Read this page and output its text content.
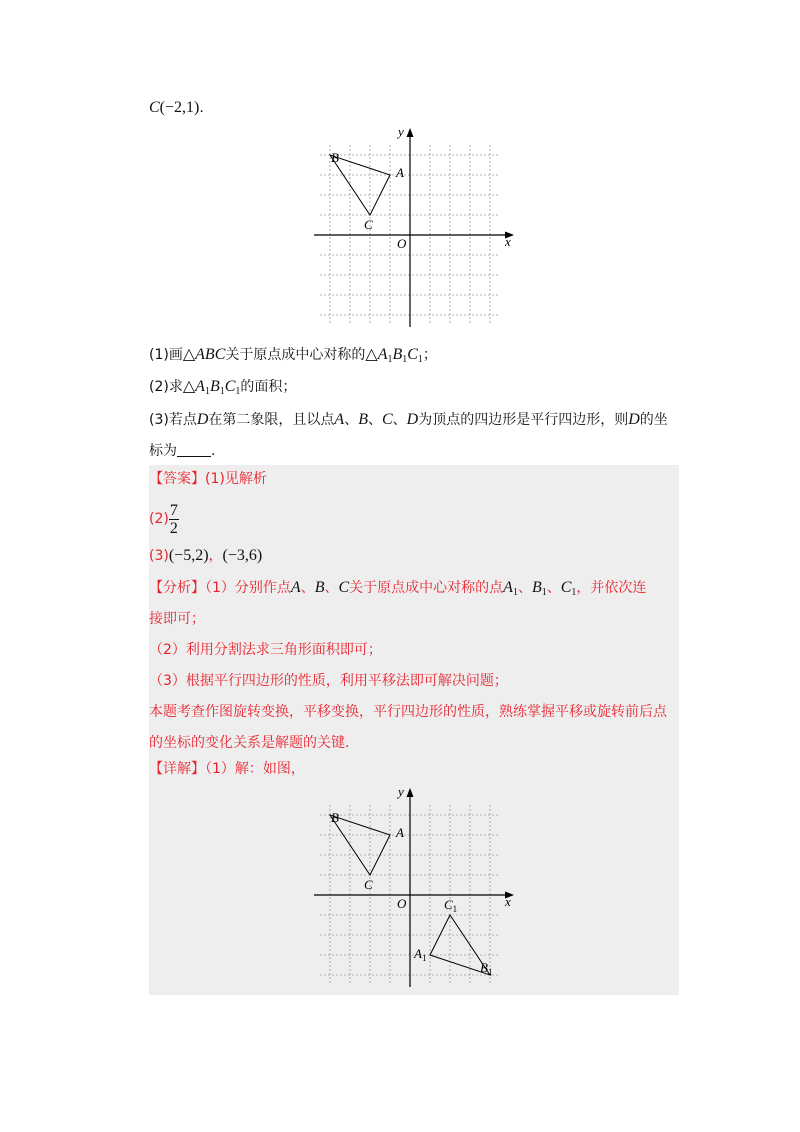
C(−2,1).
y
x
O
A
B
C
(1)画△ABC关于原点成中心对称的$\triangle A_1B_1C_1$；
(2)求$\triangle A_1B_1C_1$的面积；
(3)若点D在第二象限，且以点A、B、C、D为顶点的四边形是平行四边形，则D的坐
标为 .
【答案】(1)见解析
$(2) \frac{7}{2}$
(3)(−5,2)，(−3,6)
【分析】（1）分别作点A、B、C关于原点成中心对称的点$A_1$、$B_1$、$C_1$，并依次连
接即可；
（2）利用分割法求三角形面积即可；
（3）根据平行四边形的性质，利用平移法即可解决问题；
本题考查作图旋转变换，平移变换，平行四边形的性质，熟练掌握平移或旋转前后点
的坐标的变化关系是解题的关键.
【详解】（1）解：如图，
y
x
O
A
B
C
$C_1$
$A_1$
$B_1$
